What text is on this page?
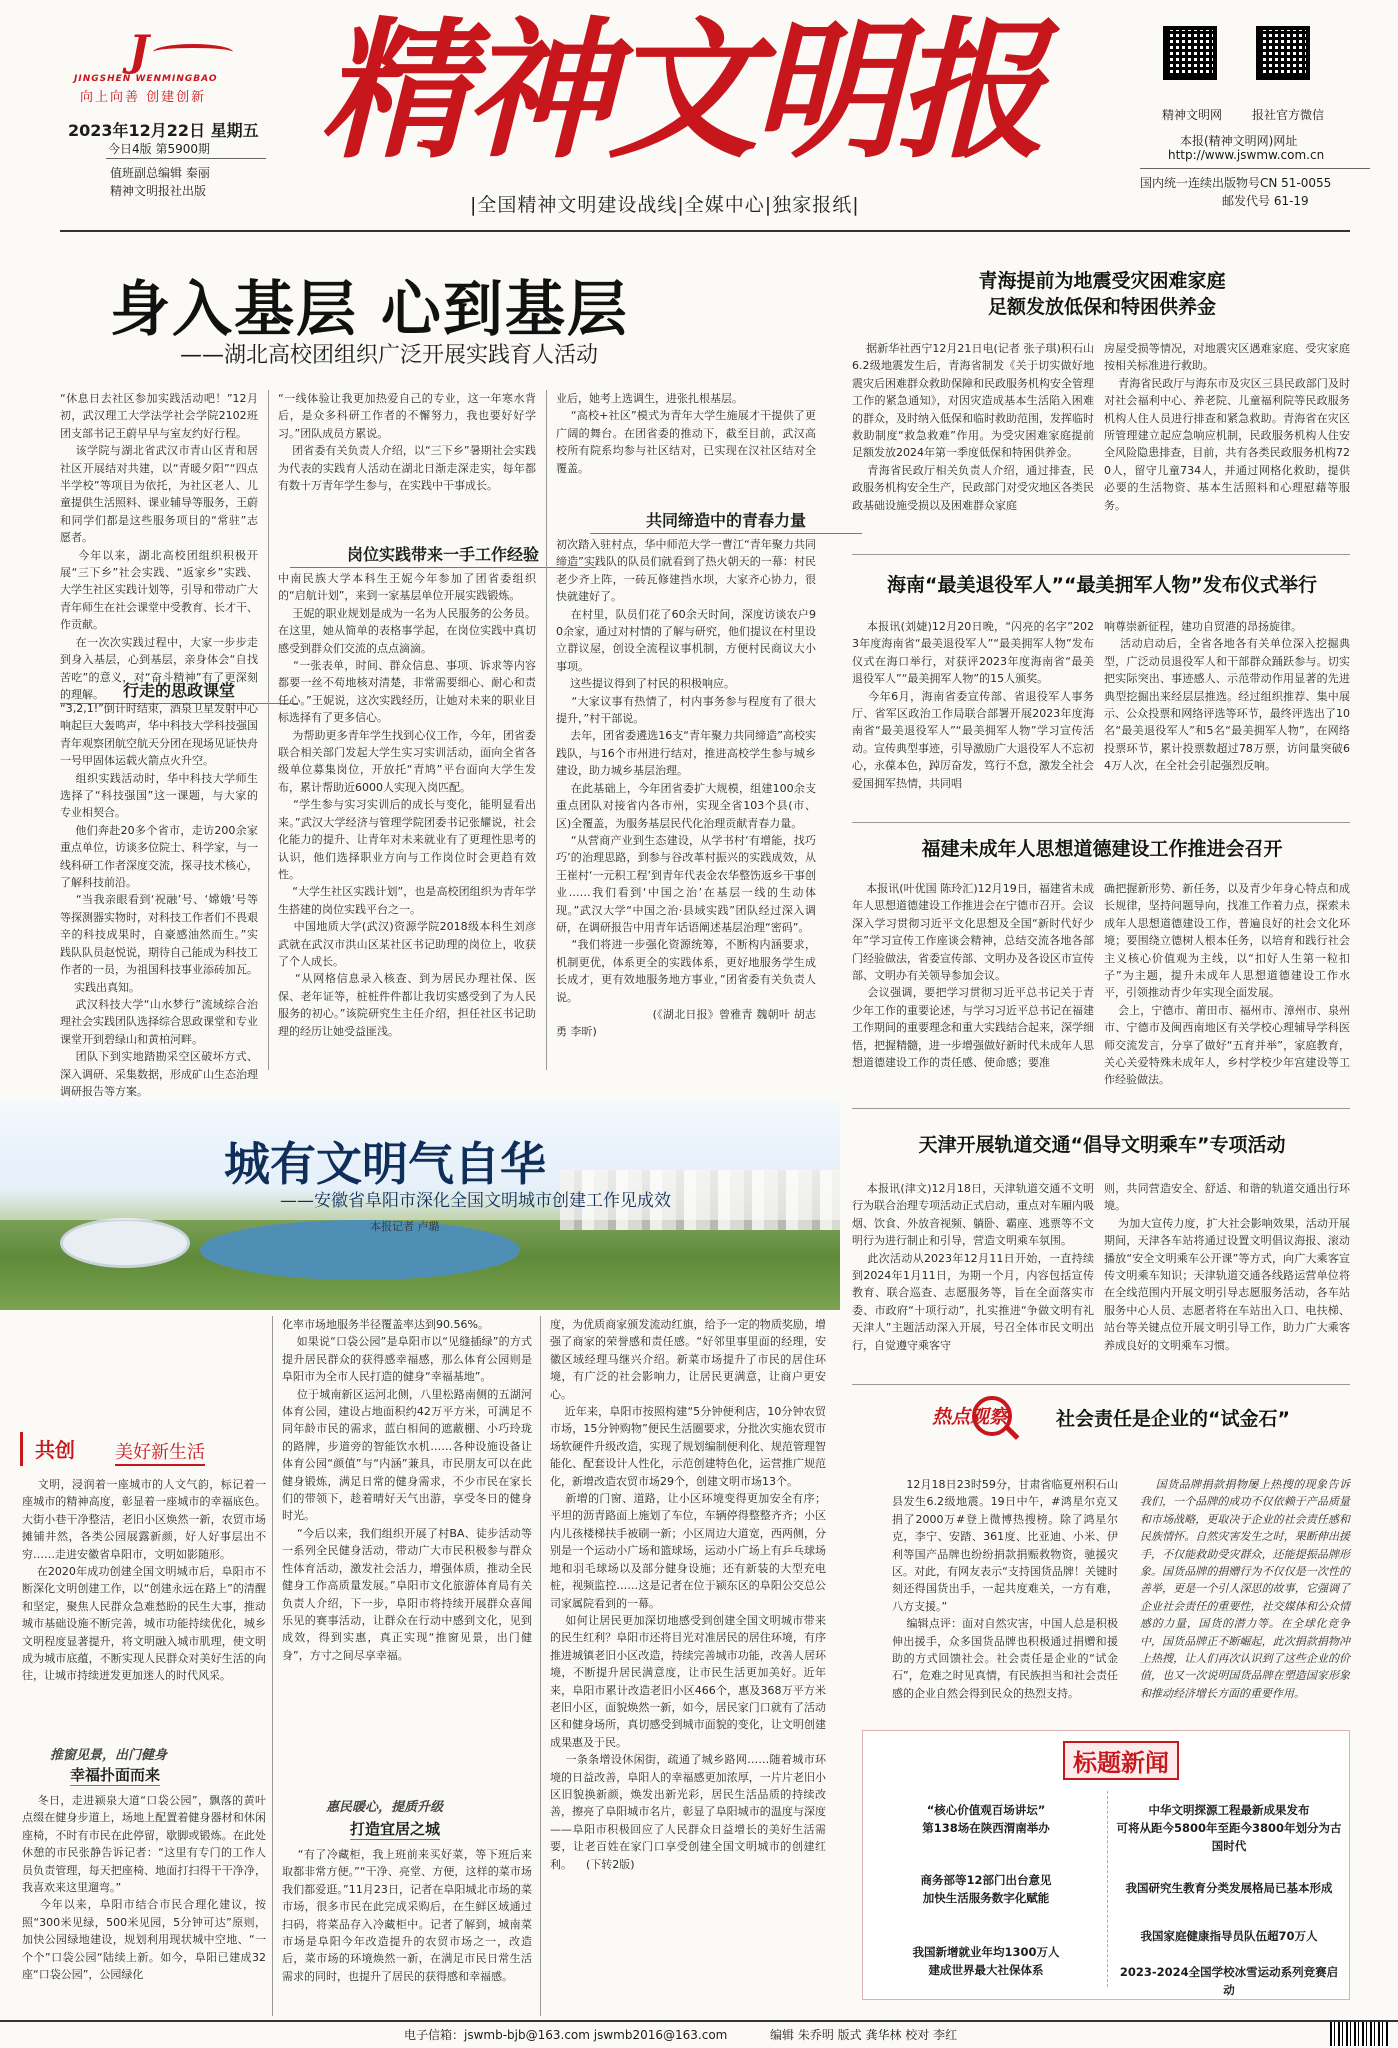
J
JINGSHEN WENMINGBAO
向上向善 创建创新
2023年12月22日 星期五
今日4版 第5900期
值班副总编辑 秦丽
精神文明报社出版
精神文明报
|全国精神文明建设战线|全媒中心|独家报纸|
精神文明网 报社官方微信
本报(精神文明网)网址
http://www.jswmw.com.cn
国内统一连续出版物号CN 51-0055
邮发代号 61-19
身入基层 心到基层
——湖北高校团组织广泛开展实践育人活动
“休息日去社区参加实践活动吧！”12月初，武汉理工大学法学社会学院2102班团支部书记王蔚早早与室友约好行程。
该学院与湖北省武汉市青山区青和居社区开展结对共建，以“青暖夕阳”“四点半学校”等项目为依托，为社区老人、儿童提供生活照料、课业辅导等服务，王蔚和同学们都是这些服务项目的“常驻”志愿者。
今年以来，湖北高校团组织积极开展“三下乡”社会实践、“返家乡”实践、大学生社区实践计划等，引导和带动广大青年师生在社会课堂中受教育、长才干、作贡献。
在一次次实践过程中，大家一步步走到身入基层，心到基层，亲身体会“自找苦吃”的意义，对“奋斗精神”有了更深刻的理解。	行走的思政课堂
“3,2,1!”倒计时结束，酒泉卫星发射中心响起巨大轰鸣声，华中科技大学科技强国青年观察团航空航天分团在现场见证快舟一号甲固体运载火箭点火升空。
组织实践活动时，华中科技大学师生选择了“科技强国”这一课题，与大家的专业相契合。
他们奔赴20多个省市，走访200余家重点单位，访谈多位院士、科学家，与一线科研工作者深度交流，探寻技术核心，了解科技前沿。
“当我亲眼看到‘祝融’号、‘嫦娥’号等等探测器实物时，对科技工作者们不畏艰辛的科技成果时，自豪感油然而生。”实践队队员赵悦说，期待自己能成为科技工作者的一员，为祖国科技事业添砖加瓦。
实践出真知。
武汉科技大学“山水梦行”流域综合治理社会实践团队选择综合思政课堂和专业课堂开到碧绿山和黄柏河畔。
团队下到实地踏勘采空区破坏方式、深入调研、采集数据，形成矿山生态治理调研报告等方案。
“一线体验让我更加热爱自己的专业，这一年寒水背后，是众多科研工作者的不懈努力，我也要好好学习。”团队成员方累说。
团省委有关负责人介绍，以“三下乡”暑期社会实践为代表的实践育人活动在湖北日渐走深走实，每年都有数十万青年学生参与，在实践中干事成长。
岗位实践带来一手工作经验
中南民族大学本科生王妮今年参加了团省委组织的“启航计划”，来到一家基层单位开展实践锻炼。
王妮的职业规划是成为一名为人民服务的公务员。在这里，她从简单的表格事学起，在岗位实践中真切感受到群众们交流的点点滴滴。
“一张表单，时间、群众信息、事项、诉求等内容都要一丝不苟地核对清楚，非常需要细心、耐心和责任心。”王妮说，这次实践经历，让她对未来的职业目标选择有了更多信心。
为帮助更多青年学生找到心仪工作，今年，团省委联合相关部门发起大学生实习实训活动，面向全省各级单位募集岗位，开放托“青鸠”平台面向大学生发布，累计帮助近6000人实现入岗匹配。
“学生参与实习实训后的成长与变化，能明显看出来。”武汉大学经济与管理学院团委书记张耀说，社会化能力的提升、让青年对未来就业有了更理性思考的认识，他们选择职业方向与工作岗位时会更趋有效性。
“大学生社区实践计划”，也是高校团组织为青年学生搭建的岗位实践平台之一。
中国地质大学(武汉)资源学院2018级本科生刘彦武就在武汉市洪山区某社区书记助理的岗位上，收获了个人成长。
“从网格信息录入核查、到为居民办理社保、医保、老年证等，桩桩件件都让我切实感受到了为人民服务的初心。”该院研究生主任介绍，担任社区书记助理的经历让她受益匪浅。
业后，她考上选调生，进张扎根基层。
“高校+社区”模式为青年大学生施展才干提供了更广阔的舞台。在团省委的推动下，截至目前，武汉高校所有院系均参与社区结对，已实现在汉社区结对全覆盖。
共同缔造中的青春力量
初次踏入驻村点，华中师范大学一曹江“青年聚力共同缔造”实践队的队员们就看到了热火朝天的一幕：村民老少齐上阵，一砖瓦修建挡水坝，大家齐心协力，很快就建好了。
在村里，队员们花了60余天时间，深度访谈农户90余家，通过对村情的了解与研究，他们提议在村里设立群议屋，创设全流程议事机制，方便村民商议大小事项。
这些提议得到了村民的积极响应。
“大家议事有热情了，村内事务参与程度有了很大提升，”村干部说。
去年，团省委遴选16支“青年聚力共同缔造”高校实践队，与16个市州进行结对，推进高校学生参与城乡建设，助力城乡基层治理。
在此基础上，今年团省委扩大规模，组建100余支重点团队对接省内各市州，实现全省103个县(市、区)全覆盖，为服务基层民代化治理贡献青春力量。
“从营商产业到生态建设，从学书村‘有增能，找巧巧’的治理思路，到参与谷改革村振兴的实践成效，从王崔村‘一元积工程’到青年代表金农华整饬返乡干事创业……我们看到‘中国之治’在基层一线的生动体现。”武汉大学“中国之治·县域实践”团队经过深入调研，在调研报告中用青年话语阐述基层治理“密码”。
“我们将进一步强化资源统筹，不断构内涵要求，机制更优，体系更全的实践体系，更好地服务学生成长成才，更有效地服务地方事业，”团省委有关负责人说。
(《湖北日报》曾雅青 魏朝叶 胡志勇 李昕)
青海提前为地震受灾困难家庭
足额发放低保和特困供养金
据新华社西宁12月21日电(记者 张子琪)积石山6.2级地震发生后，青海省制发《关于切实做好地震灾后困难群众救助保障和民政服务机构安全管理工作的紧急通知》，对因灾造成基本生活陷入困难的群众，及时纳入低保和临时救助范围，发挥临时救助制度“救急救难”作用。为受灾困难家庭提前足额发放2024年第一季度低保和特困供养金。
青海省民政厅相关负责人介绍，通过排查，民政服务机构安全生产，民政部门对受灾地区各类民政基础设施受损以及困难群众家庭
房屋受损等情况，对地震灾区遇难家庭、受灾家庭按相关标准进行救助。
青海省民政厅与海东市及灾区三县民政部门及时对社会福利中心、养老院、儿童福利院等民政服务机构人住人员进行排查和紧急救助。青海省在灾区所管理建立起应急响应机制，民政服务机构人住安全风险隐患排查，目前，共有各类民政服务机构720人，留守儿童734人，并通过网格化救助，提供必要的生活物资、基本生活照料和心理慰藉等服务。
海南“最美退役军人”“最美拥军人物”发布仪式举行
本报讯(刘婕)12月20日晚，“闪亮的名字”2023年度海南省“最美退役军人”“最美拥军人物”发布仪式在海口举行，对获评2023年度海南省“最美退役军人”“最美拥军人物”的15人颁奖。
今年6月，海南省委宣传部、省退役军人事务厅、省军区政治工作局联合部署开展2023年度海南省“最美退役军人”“最美拥军人物”学习宣传活动。宣传典型事迹，引导激励广大退役军人不忘初心，永葆本色，踔厉奋发，笃行不怠，激发全社会爱国拥军热情，共同唱
响尊崇新征程，建功自贸港的昂扬旋律。
活动启动后，全省各地各有关单位深入挖掘典型，广泛动员退役军人和干部群众踊跃参与。切实把实际突出、事迹感人、示范带动作用显著的先进典型挖掘出来经层层推选。经过组织推荐、集中展示、公众投票和网络评选等环节，最终评选出了10名“最美退役军人”和5名“最美拥军人物”，在网络投票环节，累计投票数超过78万票，访问量突破64万人次，在全社会引起强烈反响。
福建未成年人思想道德建设工作推进会召开
本报讯(叶优国 陈玲汇)12月19日，福建省未成年人思想道德建设工作推进会在宁德市召开。会议深入学习贯彻习近平文化思想及全国“新时代好少年”学习宣传工作座谈会精神，总结交流各地各部门经验做法，省委宣传部、文明办及各设区市宣传部、文明办有关领导参加会议。
会议强调，要把学习贯彻习近平总书记关于青少年工作的重要论述，与学习习近平总书记在福建工作期间的重要理念和重大实践结合起来，深学细悟，把握精髓，进一步增强做好新时代未成年人思想道德建设工作的责任感、使命感；要准
确把握新形势、新任务，以及青少年身心特点和成长规律，坚持问题导向，找准工作着力点，探索未成年人思想道德建设工作，普遍良好的社会文化环境；要围绕立德树人根本任务，以培育和践行社会主义核心价值观为主线，以“扣好人生第一粒扣子”为主题，提升未成年人思想道德建设工作水平，引领推动青少年实现全面发展。
会上，宁德市、莆田市、福州市、漳州市、泉州市、宁德市及闽西南地区有关学校心理辅导学科医师交流发言，分享了做好“五育并举”，家庭教育，关心关爱特殊未成年人，乡村学校少年宫建设等工作经验做法。
天津开展轨道交通“倡导文明乘车”专项活动
本报讯(津文)12月18日，天津轨道交通不文明行为联合治理专项活动正式启动，重点对车厢内吸烟、饮食、外放音视频、躺卧、霸座、逃票等不文明行为进行制止和引导，营造文明乘车氛围。
此次活动从2023年12月11日开始，一直持续到2024年1月11日，为期一个月，内容包括宣传教育、联合巡查、志愿服务等，旨在全面落实市委、市政府“十项行动”，扎实推进“争做文明有礼天津人”主题活动深入开展，号召全体市民文明出行，自觉遵守乘客守
则，共同营造安全、舒适、和谐的轨道交通出行环境。
为加大宣传力度，扩大社会影响效果，活动开展期间，天津各车站将通过设置文明倡议海报、滚动播放“安全文明乘车公开课”等方式，向广大乘客宣传文明乘车知识；天津轨道交通各线路运营单位将在全线范围内开展文明引导志愿服务活动，各车站服务中心人员、志愿者将在车站出入口、电扶梯、站台等关键点位开展文明引导工作，助力广大乘客养成良好的文明乘车习惯。
热点观察	社会责任是企业的“试金石”
12月18日23时59分，甘肃省临夏州积石山县发生6.2级地震。19日中午，#鸿星尔克又捐了2000万#登上微博热搜榜。除了鸿星尔克，李宁、安踏、361度、比亚迪、小米、伊利等国产品牌也纷纷捐款捐赈救物资，驰援灾区。对此，有网友表示“支持国货品牌！关键时刻还得国货出手，一起共度难关，一方有难，八方支援。”
编辑点评：面对自然灾害，中国人总是积极伸出援手，众多国货品牌也积极通过捐赠和援助的方式回馈社会。社会责任是企业的“试金石”，危难之时见真情，有民族担当和社会责任感的企业自然会得到民众的热烈支持。
国货品牌捐款捐物屡上热搜的现象告诉我们，一个品牌的成功不仅依赖于产品质量和市场战略，更取决于企业的社会责任感和民族情怀。自然灾害发生之时，果断伸出援手，不仅能救助受灾群众，还能提振品牌形象。国货品牌的捐赠行为不仅仅是一次性的善举，更是一个引人深思的故事，它强调了企业社会责任的重要性，社交媒体和公众情感的力量，国货的潜力等。在全球化竞争中，国货品牌正不断崛起，此次捐款捐物冲上热搜，让人们再次认识到了这些企业的价值，也又一次说明国货品牌在塑造国家形象和推动经济增长方面的重要作用。
标题新闻
“核心价值观百场讲坛”
第138场在陕西渭南举办
中华文明探源工程最新成果发布
可将从距今5800年至距今3800年划分为古国时代
商务部等12部门出台意见
加快生活服务数字化赋能
我国研究生教育分类发展格局已基本形成
我国新增就业年均1300万人
建成世界最大社保体系
我国家庭健康指导员队伍超70万人
2023-2024全国学校冰雪运动系列竞赛启动
城有文明气自华
——安徽省阜阳市深化全国文明城市创建工作见成效
本报记者 卢璐
共创 美好新生活
文明，浸润着一座城市的人文气韵，标记着一座城市的精神高度，彰显着一座城市的幸福底色。大街小巷干净整洁，老旧小区焕然一新，农贸市场摊铺井然，各类公园展露新颜，好人好事层出不穷……走进安徽省阜阳市，文明如影随形。
在2020年成功创建全国文明城市后，阜阳市不断深化文明创建工作，以“创建永远在路上”的清醒和坚定，聚焦人民群众急难愁盼的民生大事，推动城市基础设施不断完善，城市功能持续优化，城乡文明程度显著提升，将文明融入城市肌理，使文明成为城市底蕴，不断实现人民群众对美好生活的向往，让城市持续迸发更加迷人的时代风采。
推窗见景，出门健身
幸福扑面而来
冬日，走进颍泉大道“口袋公园”，飘落的黄叶点缀在健身步道上，场地上配置着健身器材和休闲座椅，不时有市民在此停留，歇脚或锻炼。在此处休憩的市民张静告诉记者：“这里有专门的工作人员负责管理，每天把座椅、地面打扫得干干净净，我喜欢来这里遛弯。”
今年以来，阜阳市结合市民合理化建议，按照“300米见绿，500米见园，5分钟可达”原则，加快公园绿地建设，规划利用现状城中空地、“一个个”口袋公园“陆续上新。如今，阜阳已建成32座“口袋公园”，公园绿化
化率市场地服务半径覆盖率达到90.56%。
如果说“口袋公园”是阜阳市以“见缝插绿”的方式提升居民群众的获得感幸福感，那么体育公园则是阜阳市为全市人民打造的健身“幸福基地”。
位于城南新区运河北侧，八里松路南侧的五湖河体育公园，建设占地面积约42万平方米，可满足不同年龄市民的需求，蓝白相间的遮蔽棚、小巧玲珑的路牌，步道旁的智能饮水机……各种设施设备让体育公园“颜值”与“内涵”兼具，市民朋友可以在此健身锻炼，满足日常的健身需求，不少市民在家长们的带领下，趁着晴好天气出游，享受冬日的健身时光。
“今后以来，我们组织开展了村BA、徒步活动等一系列全民健身活动，带动广大市民积极参与群众性体育活动，激发社会活力，增强体质，推动全民健身工作高质量发展。”阜阳市文化旅游体育局有关负责人介绍，下一步，阜阳市将持续开展群众喜闻乐见的赛事活动，让群众在行动中感到文化，见到成效，得到实惠，真正实现“推窗见景，出门健身”，方寸之间尽享幸福。
惠民暖心，提质升级
打造宜居之城
“有了冷藏柜，我上班前来买好菜，等下班后来取都非常方便。”“干净、亮堂、方便，这样的菜市场我们都爱逛。”11月23日，记者在阜阳城北市场的菜市场，很多市民在此完成采购后，在生鲜区域通过扫码，将菜品存入冷藏柜中。记者了解到，城南菜市场是阜阳今年改造提升的农贸市场之一，改造后，菜市场的环境焕然一新，在满足市民日常生活需求的同时，也提升了居民的获得感和幸福感。
度，为优质商家颁发流动红旗，给予一定的物质奖励，增强了商家的荣誉感和责任感。“好邻里事里面的经理，安徽区域经理马继兴介绍。新菜市场提升了市民的居住环境，有广泛的社会影响力，让居民更满意，让商户更安心。
近年来，阜阳市按照构建“5分钟便利店，10分钟农贸市场，15分钟购物”便民生活圈要求，分批次实施农贸市场软硬件升级改造，实现了规划编制便利化、规范管理智能化、配套设计人性化，示范创建特色化，运营推广规范化，新增改造农贸市场29个，创建文明市场13个。
新增的门窗、道路，让小区环境变得更加安全有序；平坦的沥青路面上施划了车位，车辆停得整整齐齐；小区内儿孩楼梯扶手被刷一新；小区周边大道宽，西两侧，分别是一个运动小广场和篮球场，运动小广场上有乒乓球场地和羽毛球场以及部分健身设施；还有新装的大型充电桩，视频监控……这是记者在位于颍东区的阜阳公交总公司家属院看到的一幕。
如何让居民更加深切地感受到创建全国文明城市带来的民生红利？阜阳市还将目光对准居民的居住环境，有序推进城镇老旧小区改造，持续完善城市功能，改善人居环境，不断提升居民满意度，让市民生活更加美好。近年来，阜阳市累计改造老旧小区466个，惠及368万平方米老旧小区，面貌焕然一新，如今，居民家门口就有了活动区和健身场所，真切感受到城市面貌的变化，让文明创建成果惠及于民。
一条条增设休闲街，疏通了城乡路网……随着城市环境的日益改善，阜阳人的幸福感更加浓厚，一片片老旧小区旧貌换新颜，焕发出新光彩，居民生活品质的持续改善，擦亮了阜阳城市名片，彰显了阜阳城市的温度与深度——阜阳市积极回应了人民群众日益增长的美好生活需要，让老百姓在家门口享受创建全国文明城市的创建红利。    (下转2版)
电子信箱：jswmb-bjb@163.com jswmb2016@163.com	编辑 朱乔明 版式 龚华林 校对 李红
